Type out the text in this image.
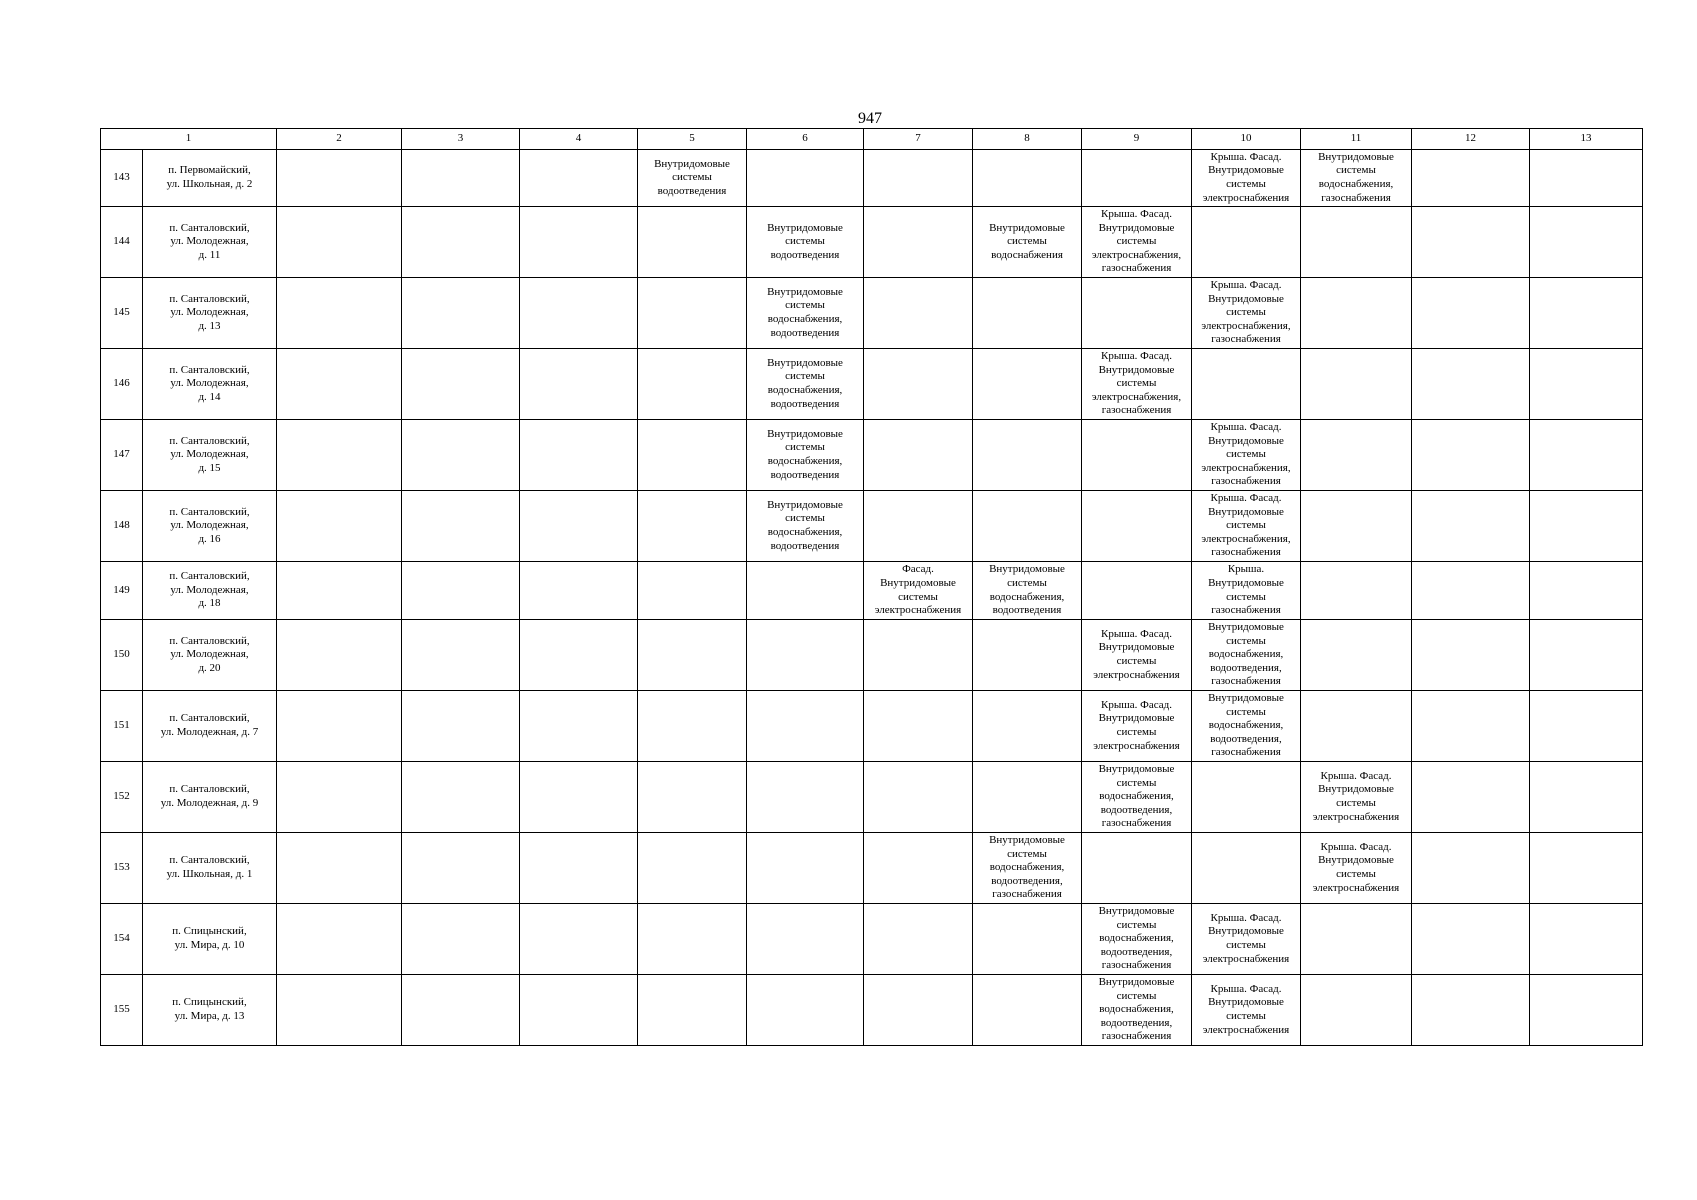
947
1		2	3	4	5	6	7	8	9	10	11	12	13
143	п. Первомайский,
ул. Школьная, д. 2				Внутридомовые
системы
водоотведения					Крыша. Фасад.
Внутридомовые
системы
электроснабжения	Внутридомовые
системы
водоснабжения,
газоснабжения		
144	п. Санталовский,
ул. Молодежная,
д. 11					Внутридомовые
системы
водоотведения		Внутридомовые
системы
водоснабжения	Крыша. Фасад.
Внутридомовые
системы
электроснабжения,
газоснабжения				
145	п. Санталовский,
ул. Молодежная,
д. 13					Внутридомовые
системы
водоснабжения,
водоотведения				Крыша. Фасад.
Внутридомовые
системы
электроснабжения,
газоснабжения			
146	п. Санталовский,
ул. Молодежная,
д. 14					Внутридомовые
системы
водоснабжения,
водоотведения			Крыша. Фасад.
Внутридомовые
системы
электроснабжения,
газоснабжения				
147	п. Санталовский,
ул. Молодежная,
д. 15					Внутридомовые
системы
водоснабжения,
водоотведения				Крыша. Фасад.
Внутридомовые
системы
электроснабжения,
газоснабжения			
148	п. Санталовский,
ул. Молодежная,
д. 16					Внутридомовые
системы
водоснабжения,
водоотведения				Крыша. Фасад.
Внутридомовые
системы
электроснабжения,
газоснабжения			
149	п. Санталовский,
ул. Молодежная,
д. 18						Фасад.
Внутридомовые
системы
электроснабжения	Внутридомовые
системы
водоснабжения,
водоотведения		Крыша.
Внутридомовые
системы
газоснабжения			
150	п. Санталовский,
ул. Молодежная,
д. 20								Крыша. Фасад.
Внутридомовые
системы
электроснабжения	Внутридомовые
системы
водоснабжения,
водоотведения,
газоснабжения			
151	п. Санталовский,
ул. Молодежная, д. 7								Крыша. Фасад.
Внутридомовые
системы
электроснабжения	Внутридомовые
системы
водоснабжения,
водоотведения,
газоснабжения			
152	п. Санталовский,
ул. Молодежная, д. 9								Внутридомовые
системы
водоснабжения,
водоотведения,
газоснабжения		Крыша. Фасад.
Внутридомовые
системы
электроснабжения		
153	п. Санталовский,
ул. Школьная, д. 1							Внутридомовые
системы
водоснабжения,
водоотведения,
газоснабжения			Крыша. Фасад.
Внутридомовые
системы
электроснабжения		
154	п. Спицынский,
ул. Мира, д. 10								Внутридомовые
системы
водоснабжения,
водоотведения,
газоснабжения	Крыша. Фасад.
Внутридомовые
системы
электроснабжения			
155	п. Спицынский,
ул. Мира, д. 13								Внутридомовые
системы
водоснабжения,
водоотведения,
газоснабжения	Крыша. Фасад.
Внутридомовые
системы
электроснабжения			
